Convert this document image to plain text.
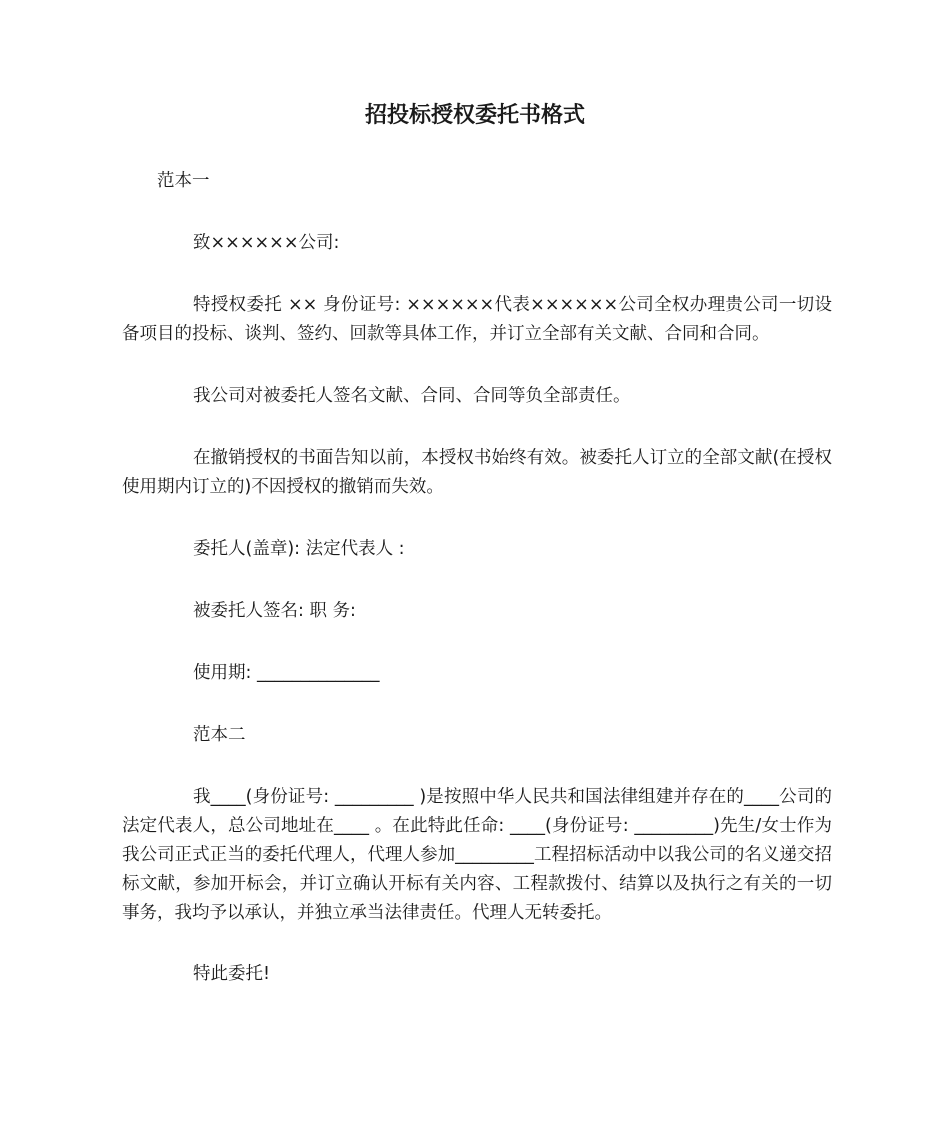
招投标授权委托书格式

范本一

致××××××公司:

特授权委托 ×× 身份证号: ××××××代表××××××公司全权办理贵公司一切设备项目的投标、谈判、签约、回款等具体工作，并订立全部有关文献、合同和合同。

我公司对被委托人签名文献、合同、合同等负全部责任。

在撤销授权的书面告知以前，本授权书始终有效。被委托人订立的全部文献(在授权使用期内订立的)不因授权的撤销而失效。

委托人(盖章): 法定代表人 :

被委托人签名: 职 务:

使用期: ______________

范本二

我____(身份证号: _________ )是按照中华人民共和国法律组建并存在的____公司的法定代表人，总公司地址在____ 。在此特此任命: ____(身份证号: _________)先生/女士作为我公司正式正当的委托代理人，代理人参加_________工程招标活动中以我公司的名义递交招标文献，参加开标会，并订立确认开标有关内容、工程款拨付、结算以及执行之有关的一切事务，我均予以承认，并独立承当法律责任。代理人无转委托。

特此委托!
